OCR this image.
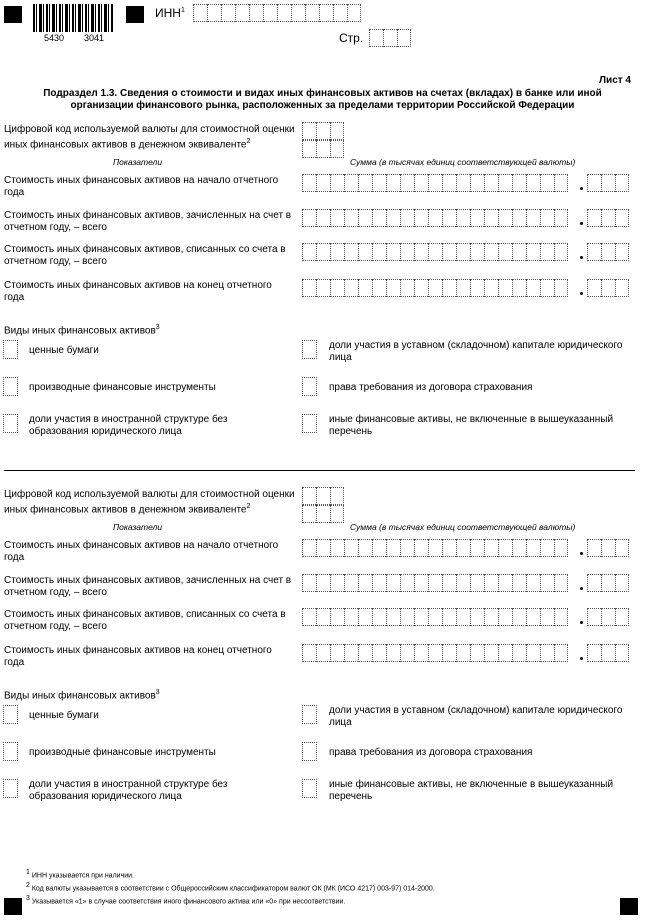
5430 3041
ИНН$^1$
Стр.
Лист 4
Подраздел 1.3. Сведения о стоимости и видах иных финансовых активов на счетах (вкладах) в банке или иной
организации финансового рынка, расположенных за пределами территории Российской Федерации
Цифровой код используемой валюты для стоимостной оценки
иных финансовых активов в денежном эквиваленте$^2$
Показатели	Сумма (в тысячах единиц соответствующей валюты)
Стоимость иных финансовых активов на начало отчетного
года
Стоимость иных финансовых активов, зачисленных на счет в
отчетном году, – всего
Стоимость иных финансовых активов, списанных со счета в
отчетном году, – всего
Стоимость иных финансовых активов на конец отчетного
года
Виды иных финансовых активов$^3$
ценные бумаги
производные финансовые инструменты
доли участия в иностранной структуре без
образования юридического лица
доли участия в уставном (складочном) капитале юридического
лица
права требования из договора страхования
иные финансовые активы, не включенные в вышеуказанный
перечень
Цифровой код используемой валюты для стоимостной оценки
иных финансовых активов в денежном эквиваленте$^2$
Показатели	Сумма (в тысячах единиц соответствующей валюты)
Стоимость иных финансовых активов на начало отчетного
года
Стоимость иных финансовых активов, зачисленных на счет в
отчетном году, – всего
Стоимость иных финансовых активов, списанных со счета в
отчетном году, – всего
Стоимость иных финансовых активов на конец отчетного
года
Виды иных финансовых активов$^3$
ценные бумаги
производные финансовые инструменты
доли участия в иностранной структуре без
образования юридического лица
доли участия в уставном (складочном) капитале юридического
лица
права требования из договора страхования
иные финансовые активы, не включенные в вышеуказанный
перечень
$^1$ ИНН указывается при наличии.
$^2$ Код валюты указывается в соответствии с Общероссийским классификатором валют ОК (МК (ИСО 4217) 003-97) 014-2000.
$^3$ Указывается «1» в случае соответствия иного финансового актива или «0» при несоответствии.
